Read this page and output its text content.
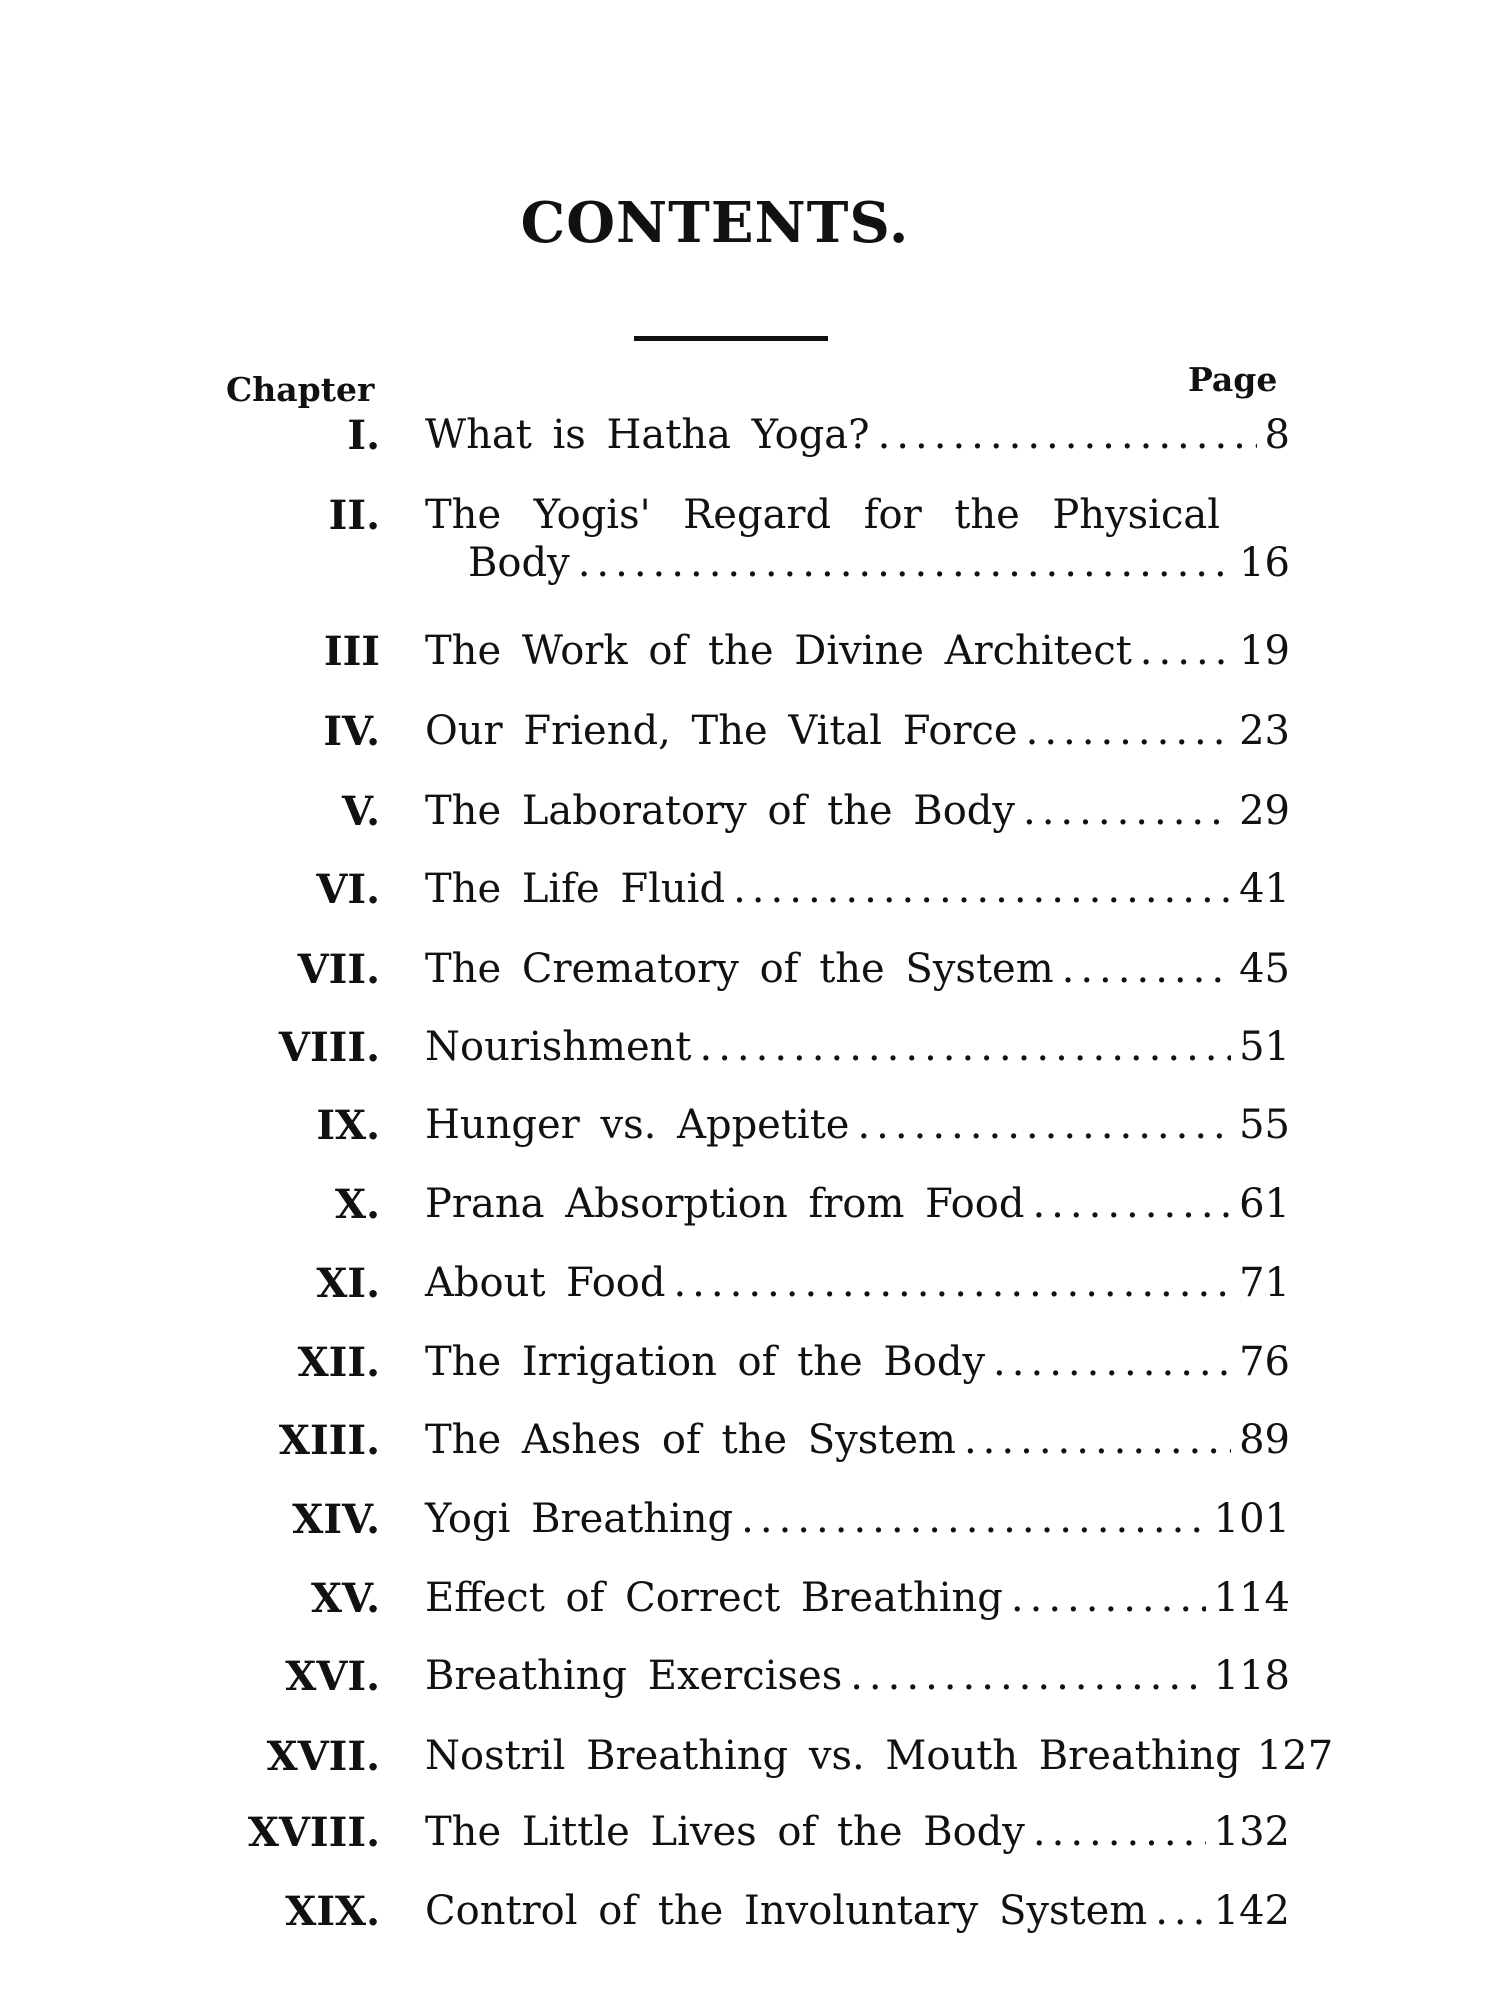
CONTENTS.
Chapter	Page
I. What is Hatha Yoga? .....	8
II. The Yogis' Regard for the Physical
Body .....	16
III The Work of the Divine Architect .....	19
IV. Our Friend, The Vital Force .....	23
V. The Laboratory of the Body .....	29
VI. The Life Fluid .....	41
VII. The Crematory of the System .....	45
VIII. Nourishment .....	51
IX. Hunger vs. Appetite .....	55
X. Prana Absorption from Food .....	61
XI. About Food .....	71
XII. The Irrigation of the Body .....	76
XIII. The Ashes of the System .....	89
XIV. Yogi Breathing .....	101
XV. Effect of Correct Breathing .....	114
XVI. Breathing Exercises .....	118
XVII. Nostril Breathing vs. Mouth Breathing 127
XVIII. The Little Lives of the Body .....	132
XIX. Control of the Involuntary System ..... 142
